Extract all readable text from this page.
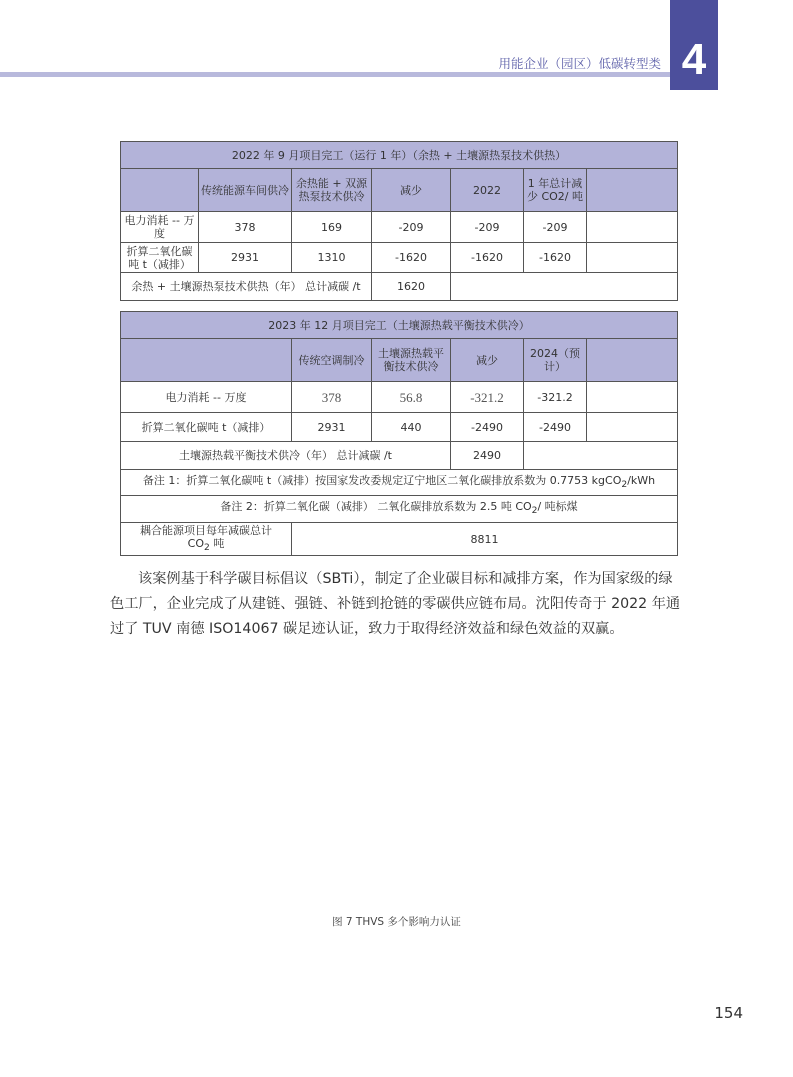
用能企业（园区）低碳转型类 4
2022 年 9 月项目完工（运行 1 年）（余热 + 土壤源热泵技术供热）						
	传统能源车间供冷	余热能 + 双源热泵技术供冷	减少	2022	1 年总计减少 CO2/ 吨	
电力消耗 -- 万度	378	169	-209	-209	-209	
折算二氧化碳吨 t（减排）	2931	1310	-1620	-1620	-1620	
余热 + 土壤源热泵技术供热（年） 总计减碳 /t			1620			
2023 年 12 月项目完工（土壤源热载平衡技术供冷）					
	传统空调制冷	土壤源热载平衡技术供冷	减少	2024（预计）	
电力消耗 -- 万度	378	56.8	-321.2	-321.2	
折算二氧化碳吨 t（减排）	2931	440	-2490	-2490	
土壤源热载平衡技术供冷（年） 总计减碳 /t			2490		
备注 1：折算二氧化碳吨 t（减排）按国家发改委规定辽宁地区二氧化碳排放系数为 0.7753 kgCO$_2$/kWh					
备注 2：折算二氧化碳（减排） 二氧化碳排放系数为 2.5 吨 $CO_2/$ 吨标煤					
耦合能源项目每年减碳总计
$CO_2$ 吨	8811				

该案例基于科学碳目标倡议（SBTi），制定了企业碳目标和减排方案，作为国家级的绿色工厂，企业完成了从建链、强链、补链到抢链的零碳供应链布局。沈阳传奇于 2022 年通过了 TUV 南德 ISO14067 碳足迹认证，致力于取得经济效益和绿色效益的双赢。

图 7 THVS 多个影响力认证
154
